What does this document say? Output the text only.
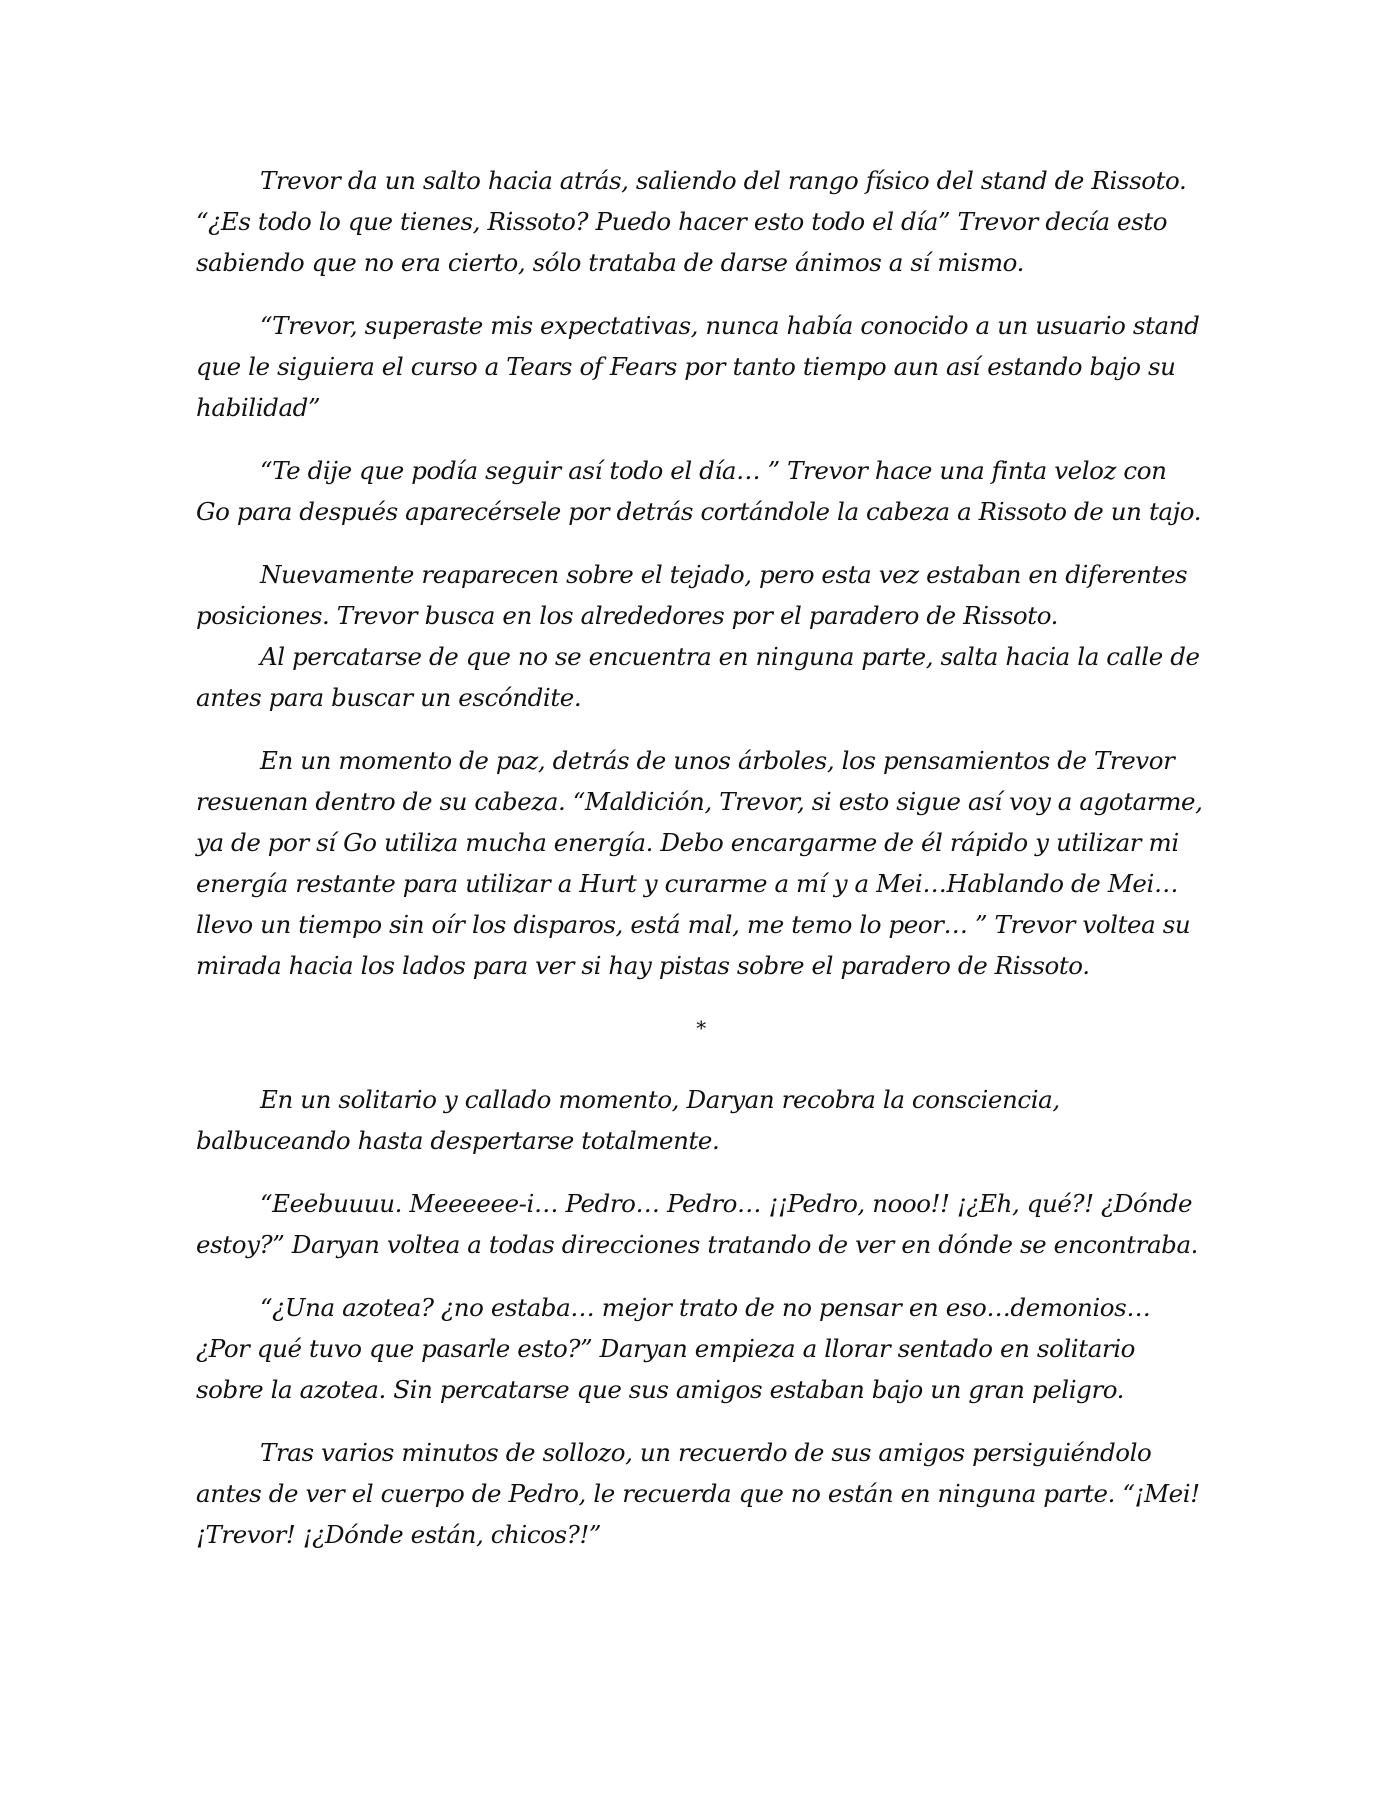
Trevor da un salto hacia atrás, saliendo del rango físico del stand de Rissoto. “¿Es todo lo que tienes, Rissoto? Puedo hacer esto todo el día” Trevor decía esto sabiendo que no era cierto, sólo trataba de darse ánimos a sí mismo.

“Trevor, superaste mis expectativas, nunca había conocido a un usuario stand que le siguiera el curso a Tears of Fears por tanto tiempo aun así estando bajo su habilidad”

“Te dije que podía seguir así todo el día… ” Trevor hace una finta veloz con Go para después aparecérsele por detrás cortándole la cabeza a Rissoto de un tajo.

Nuevamente reaparecen sobre el tejado, pero esta vez estaban en diferentes posiciones. Trevor busca en los alrededores por el paradero de Rissoto.

Al percatarse de que no se encuentra en ninguna parte, salta hacia la calle de antes para buscar un escóndite.

En un momento de paz, detrás de unos árboles, los pensamientos de Trevor resuenan dentro de su cabeza. “Maldición, Trevor, si esto sigue así voy a agotarme, ya de por sí Go utiliza mucha energía. Debo encargarme de él rápido y utilizar mi energía restante para utilizar a Hurt y curarme a mí y a Mei…Hablando de Mei… llevo un tiempo sin oír los disparos, está mal, me temo lo peor… ” Trevor voltea su mirada hacia los lados para ver si hay pistas sobre el paradero de Rissoto.

*

En un solitario y callado momento, Daryan recobra la consciencia, balbuceando hasta despertarse totalmente.

“Eeebuuuu. Meeeeee-i… Pedro… Pedro… ¡¡Pedro, nooo!! ¡¿Eh, qué?! ¿Dónde estoy?” Daryan voltea a todas direcciones tratando de ver en dónde se encontraba.

“¿Una azotea? ¿no estaba… mejor trato de no pensar en eso…demonios… ¿Por qué tuvo que pasarle esto?” Daryan empieza a llorar sentado en solitario sobre la azotea. Sin percatarse que sus amigos estaban bajo un gran peligro.

Tras varios minutos de sollozo, un recuerdo de sus amigos persiguiéndolo antes de ver el cuerpo de Pedro, le recuerda que no están en ninguna parte. “¡Mei! ¡Trevor! ¡¿Dónde están, chicos?!”
